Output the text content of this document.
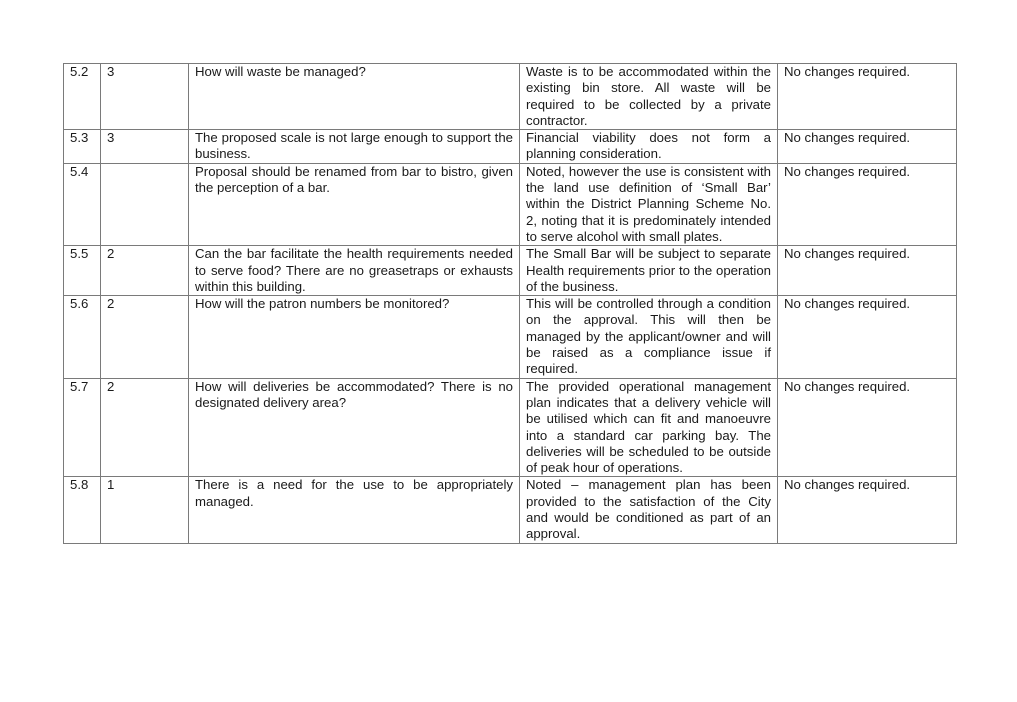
5.2	3	How will waste be managed?	Waste is to be accommodated within the existing bin store. All waste will be required to be collected by a private contractor.	No changes required.
5.3	3	The proposed scale is not large enough to support the business.	Financial viability does not form a planning consideration.	No changes required.
5.4		Proposal should be renamed from bar to bistro, given the perception of a bar.	Noted, however the use is consistent with the land use definition of ‘Small Bar’ within the District Planning Scheme No. 2, noting that it is predominately intended to serve alcohol with small plates.	No changes required.
5.5	2	Can the bar facilitate the health requirements needed to serve food? There are no greasetraps or exhausts within this building.	The Small Bar will be subject to separate Health requirements prior to the operation of the business.	No changes required.
5.6	2	How will the patron numbers be monitored?	This will be controlled through a condition on the approval. This will then be managed by the applicant/owner and will be raised as a compliance issue if required.	No changes required.
5.7	2	How will deliveries be accommodated? There is no designated delivery area?	The provided operational management plan indicates that a delivery vehicle will be utilised which can fit and manoeuvre into a standard car parking bay. The deliveries will be scheduled to be outside of peak hour of operations.	No changes required.
5.8	1	There is a need for the use to be appropriately managed.	Noted – management plan has been provided to the satisfaction of the City and would be conditioned as part of an approval.	No changes required.
